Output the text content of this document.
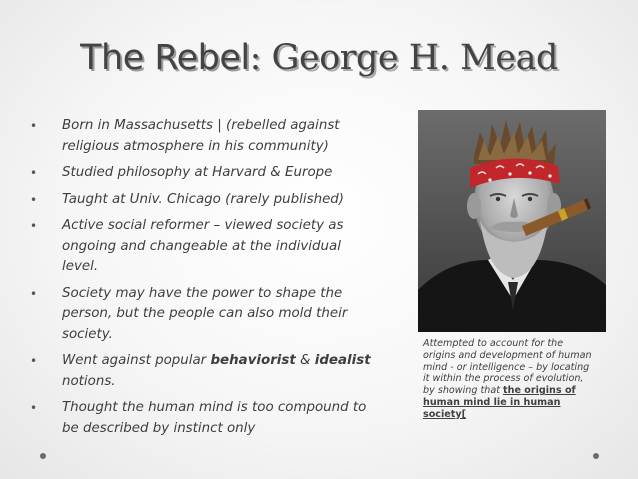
The Rebel: George H. Mead
• Born in Massachusetts | (rebelled against religious atmosphere in his community)
• Studied philosophy at Harvard & Europe
• Taught at Univ. Chicago (rarely published)
• Active social reformer – viewed society as ongoing and changeable at the individual level.
• Society may have the power to shape the person, but the people can also mold their society.
• Went against popular behaviorist & idealist notions.
• Thought the human mind is too compound to be described by instinct only
Attempted to account for the origins and development of human mind - or intelligence – by locating it within the process of evolution, by showing that the origins of human mind lie in human society[
